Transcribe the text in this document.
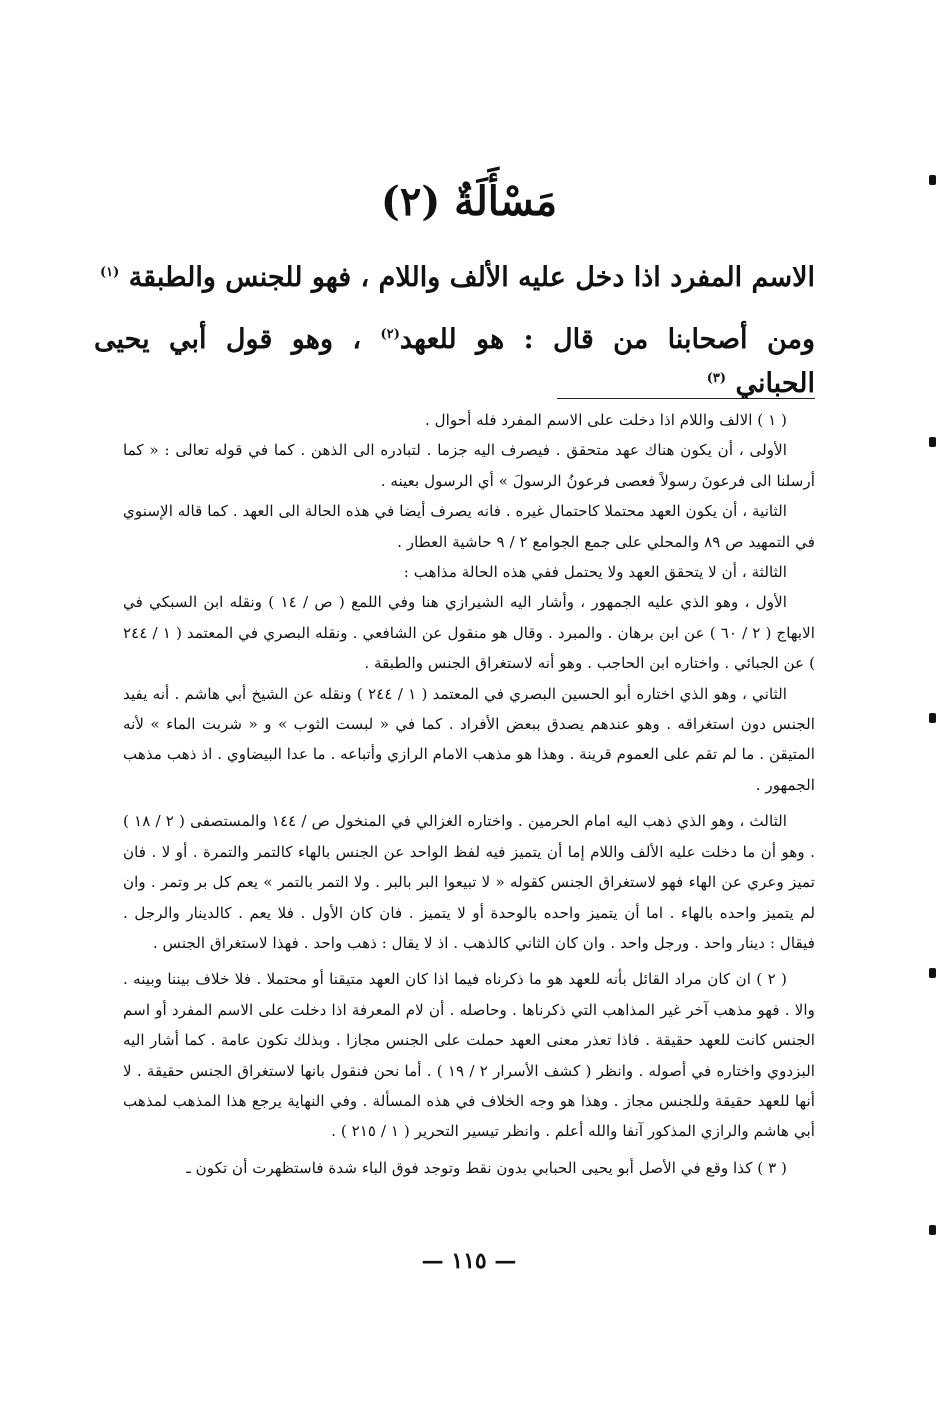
مَسْأَلَةٌ (٢)
الاسم المفرد اذا دخل عليه الألف واللام ، فهو للجنس والطبقة $^{(١)}$
ومن أصحابنا من قال : هو للعهد$^{(٢)}$ ، وهو قول أبي يحيى
الحباني $^{(٣)}$

( ١ ) الالف واللام اذا دخلت على الاسم المفرد فله أحوال .

الأولى ، أن يكون هناك عهد متحقق . فيصرف اليه جزما . لتبادره الى الذهن . كما في قوله تعالى : « كما أرسلنا الى فرعونَ رسولاً فعصى فرعونُ الرسولَ » أي الرسول بعينه .

الثانية ، أن يكون العهد محتملا كاحتمال غيره . فانه يصرف أيضا في هذه الحالة الى العهد . كما قاله الإسنوي في التمهيد ص ٨٩ والمحلي على جمع الجوامع ٢ / ٩ حاشية العطار .

الثالثة ، أن لا يتحقق العهد ولا يحتمل ففي هذه الحالة مذاهب :

الأول ، وهو الذي عليه الجمهور ، وأشار اليه الشيرازي هنا وفي اللمع ( ص / ١٤ ) ونقله ابن السبكي في الابهاج ( ٢ / ٦٠ ) عن ابن برهان . والمبرد . وقال هو منقول عن الشافعي . ونقله البصري في المعتمد ( ١ / ٢٤٤ ) عن الجبائي . واختاره ابن الحاجب . وهو أنه لاستغراق الجنس والطبقة .

الثاني ، وهو الذي اختاره أبو الحسين البصري في المعتمد ( ١ / ٢٤٤ ) ونقله عن الشيخ أبي هاشم . أنه يفيد الجنس دون استغراقه . وهو عندهم يصدق ببعض الأفراد . كما في « لبست الثوب » و « شربت الماء » لأنه المتيقن . ما لم تقم على العموم قرينة . وهذا هو مذهب الامام الرازي وأتباعه . ما عدا البيضاوي . اذ ذهب مذهب الجمهور .

الثالث ، وهو الذي ذهب اليه امام الحرمين . واختاره الغزالي في المنخول ص / ١٤٤ والمستصفى ( ٢ / ١٨ ) . وهو أن ما دخلت عليه الألف واللام إما أن يتميز فيه لفظ الواحد عن الجنس بالهاء كالتمر والتمرة . أو لا . فان تميز وعري عن الهاء فهو لاستغراق الجنس كقوله « لا تبيعوا البر بالبر . ولا التمر بالتمر » يعم كل بر وتمر . وان لم يتميز واحده بالهاء . اما أن يتميز واحده بالوحدة أو لا يتميز . فان كان الأول . فلا يعم . كالدينار والرجل . فيقال : دينار واحد . ورجل واحد . وان كان الثاني كالذهب . اذ لا يقال : ذهب واحد . فهذا لاستغراق الجنس .

( ٢ ) ان كان مراد القائل بأنه للعهد هو ما ذكرناه فيما اذا كان العهد متيقنا أو محتملا . فلا خلاف بيننا وبينه . والا . فهو مذهب آخر غير المذاهب التي ذكرناها . وحاصله . أن لام المعرفة اذا دخلت على الاسم المفرد أو اسم الجنس كانت للعهد حقيقة . فاذا تعذر معنى العهد حملت على الجنس مجازا . وبذلك تكون عامة . كما أشار اليه البزدوي واختاره في أصوله . وانظر ( كشف الأسرار ٢ / ١٩ ) . أما نحن فنقول بانها لاستغراق الجنس حقيقة . لا أنها للعهد حقيقة وللجنس مجاز . وهذا هو وجه الخلاف في هذه المسألة . وفي النهاية يرجع هذا المذهب لمذهب أبي هاشم والرازي المذكور آنفا والله أعلم . وانظر تيسير التحرير ( ١ / ٢١٥ ) .

( ٣ ) كذا وقع في الأصل أبو يحيى الحبابي بدون نقط وتوجد فوق الباء شدة فاستظهرت أن تكون ـ

— ١١٥ —
